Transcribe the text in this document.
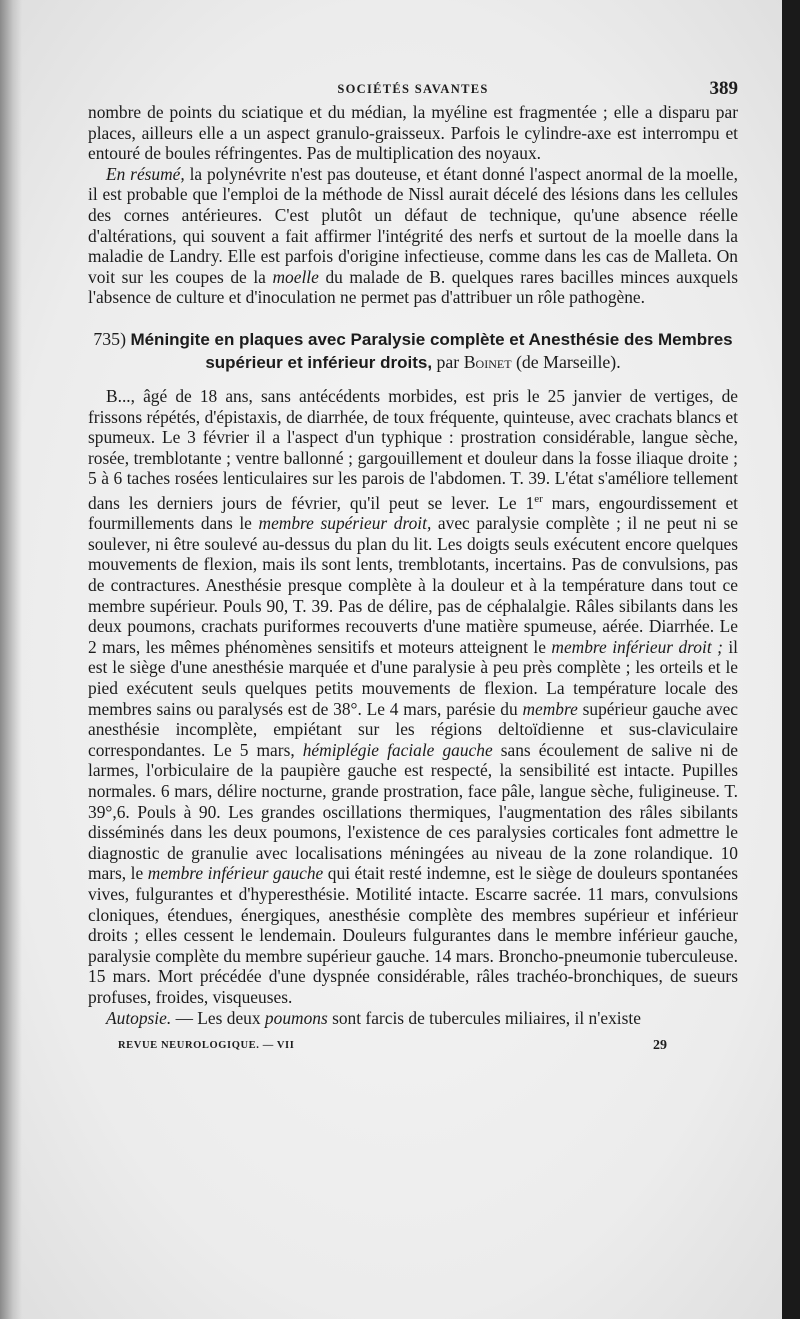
SOCIÉTÉS SAVANTES	389

nombre de points du sciatique et du médian, la myéline est fragmentée ; elle a disparu par places, ailleurs elle a un aspect granulo-graisseux. Parfois le cylindre-axe est interrompu et entouré de boules réfringentes. Pas de multiplication des noyaux.

En résumé, la polynévrite n'est pas douteuse, et étant donné l'aspect anormal de la moelle, il est probable que l'emploi de la méthode de Nissl aurait décelé des lésions dans les cellules des cornes antérieures. C'est plutôt un défaut de technique, qu'une absence réelle d'altérations, qui souvent a fait affirmer l'intégrité des nerfs et surtout de la moelle dans la maladie de Landry. Elle est parfois d'origine infectieuse, comme dans les cas de Malleta. On voit sur les coupes de la moelle du malade de B. quelques rares bacilles minces auxquels l'absence de culture et d'inoculation ne permet pas d'attribuer un rôle pathogène.

735) Méningite en plaques avec Paralysie complète et Anesthésie des Membres supérieur et inférieur droits, par Boinet (de Marseille).

B..., âgé de 18 ans, sans antécédents morbides, est pris le 25 janvier de vertiges, de frissons répétés, d'épistaxis, de diarrhée, de toux fréquente, quinteuse, avec crachats blancs et spumeux. Le 3 février il a l'aspect d'un typhique : prostration considérable, langue sèche, rosée, tremblotante ; ventre ballonné ; gargouillement et douleur dans la fosse iliaque droite ; 5 à 6 taches rosées lenticulaires sur les parois de l'abdomen. T. 39. L'état s'améliore tellement dans les derniers jours de février, qu'il peut se lever. Le 1er mars, engourdissement et fourmillements dans le membre supérieur droit, avec paralysie complète ; il ne peut ni se soulever, ni être soulevé au-dessus du plan du lit. Les doigts seuls exécutent encore quelques mouvements de flexion, mais ils sont lents, tremblotants, incertains. Pas de convulsions, pas de contractures. Anesthésie presque complète à la douleur et à la température dans tout ce membre supérieur. Pouls 90, T. 39. Pas de délire, pas de céphalalgie. Râles sibilants dans les deux poumons, crachats puriformes recouverts d'une matière spumeuse, aérée. Diarrhée. Le 2 mars, les mêmes phénomènes sensitifs et moteurs atteignent le membre inférieur droit ; il est le siège d'une anesthésie marquée et d'une paralysie à peu près complète ; les orteils et le pied exécutent seuls quelques petits mouvements de flexion. La température locale des membres sains ou paralysés est de 38°. Le 4 mars, parésie du membre supérieur gauche avec anesthésie incomplète, empiétant sur les régions deltoïdienne et sus-claviculaire correspondantes. Le 5 mars, hémiplégie faciale gauche sans écoulement de salive ni de larmes, l'orbiculaire de la paupière gauche est respecté, la sensibilité est intacte. Pupilles normales. 6 mars, délire nocturne, grande prostration, face pâle, langue sèche, fuligineuse. T. 39°,6. Pouls à 90. Les grandes oscillations thermiques, l'augmentation des râles sibilants disséminés dans les deux poumons, l'existence de ces paralysies corticales font admettre le diagnostic de granulie avec localisations méningées au niveau de la zone rolandique. 10 mars, le membre inférieur gauche qui était resté indemne, est le siège de douleurs spontanées vives, fulgurantes et d'hyperesthésie. Motilité intacte. Escarre sacrée. 11 mars, convulsions cloniques, étendues, énergiques, anesthésie complète des membres supérieur et inférieur droits ; elles cessent le lendemain. Douleurs fulgurantes dans le membre inférieur gauche, paralysie complète du membre supérieur gauche. 14 mars. Broncho-pneumonie tuberculeuse. 15 mars. Mort précédée d'une dyspnée considérable, râles trachéo-bronchiques, de sueurs profuses, froides, visqueuses.

Autopsie. — Les deux poumons sont farcis de tubercules miliaires, il n'existe

REVUE NEUROLOGIQUE. — VII	29
